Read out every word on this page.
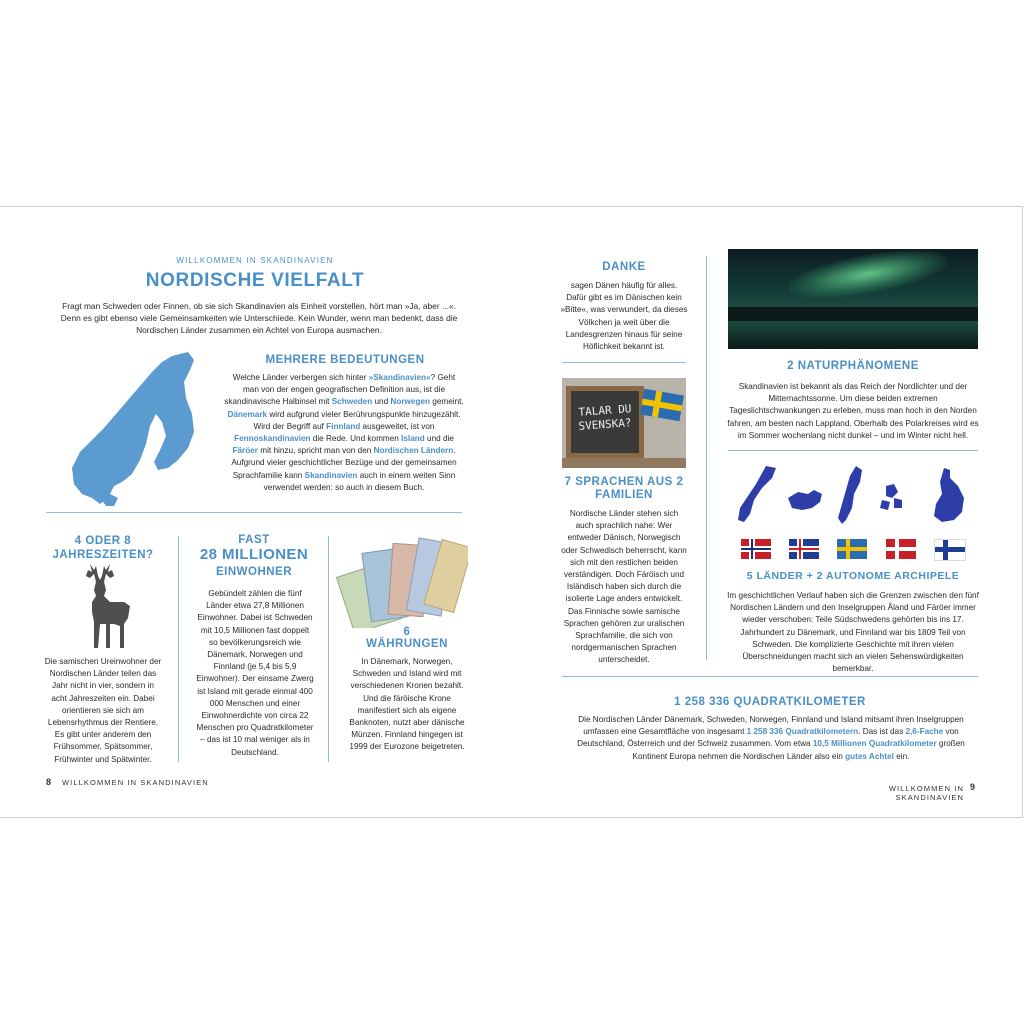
WILLKOMMEN IN SKANDINAVIEN
NORDISCHE VIELFALT
Fragt man Schweden oder Finnen, ob sie sich Skandinavien als Einheit vorstellen, hört man »Ja, aber ...«. Denn es gibt ebenso viele Gemeinsamkeiten wie Unterschiede. Kein Wunder, wenn man bedenkt, dass die Nordischen Länder zusammen ein Achtel von Europa ausmachen.
MEHRERE BEDEUTUNGEN
Welche Länder verbergen sich hinter »Skandinavien«? Geht man von der engen geografischen Definition aus, ist die skandinavische Halbinsel mit Schweden und Norwegen gemeint. Dänemark wird aufgrund vieler Berührungspunkte hinzugezählt. Wird der Begriff auf Finnland ausgeweitet, ist von Fennoskandinavien die Rede. Und kommen Island und die Färöer mit hinzu, spricht man von den Nordischen Ländern. Aufgrund vieler geschichtlicher Bezüge und der gemeinsamen Sprachfamilie kann Skandinavien auch in einem weiten Sinn verwendet werden: so auch in diesem Buch.
4 ODER 8 JAHRESZEITEN?
Die samischen Ureinwohner der Nordischen Länder teilen das Jahr nicht in vier, sondern in acht Jahreszeiten ein. Dabei orientieren sie sich am Lebensrhythmus der Rentiere. Es gibt unter anderem den Frühsommer, Spätsommer, Frühwinter und Spätwinter.
FAST
28 MILLIONEN
EINWOHNER
Gebündelt zählen die fünf Länder etwa 27,8 Millionen Einwohner. Dabei ist Schweden mit 10,5 Millionen fast doppelt so bevölkerungsreich wie Dänemark, Norwegen und Finnland (je 5,4 bis 5,9 Einwohner). Der einsame Zwerg ist Island mit gerade einmal 400 000 Menschen und einer Einwohnerdichte von circa 22 Menschen pro Quadratkilometer – das ist 10 mal weniger als in Deutschland.
6
WÄHRUNGEN
In Dänemark, Norwegen, Schweden und Island wird mit verschiedenen Kronen bezahlt. Und die färöische Krone manifestiert sich als eigene Banknoten, nutzt aber dänische Münzen. Finnland hingegen ist 1999 der Eurozone beigetreten.
8 WILLKOMMEN IN SKANDINAVIEN
DANKE
sagen Dänen häufig für alles. Dafür gibt es im Dänischen kein »Bitte«, was verwundert, da dieses Völkchen ja weit über die Landesgrenzen hinaus für seine Höflichkeit bekannt ist.
TALAR DU
SVENSKA?
7 SPRACHEN AUS 2 FAMILIEN
Nordische Länder stehen sich auch sprachlich nahe: Wer entweder Dänisch, Norwegisch oder Schwedisch beherrscht, kann sich mit den restlichen beiden verständigen. Doch Färöisch und Isländisch haben sich durch die isolierte Lage anders entwickelt. Das Finnische sowie samische Sprachen gehören zur uralischen Sprachfamilie, die sich von nordgermanischen Sprachen unterscheidet.
2 NATURPHÄNOMENE
Skandinavien ist bekannt als das Reich der Nordlichter und der Mitternachtssonne. Um diese beiden extremen Tageslichtschwankungen zu erleben, muss man hoch in den Norden fahren, am besten nach Lappland. Oberhalb des Polarkreises wird es im Sommer wochenlang nicht dunkel – und im Winter nicht hell.
5 LÄNDER + 2 AUTONOME ARCHIPELE
Im geschichtlichen Verlauf haben sich die Grenzen zwischen den fünf Nordischen Ländern und den Inselgruppen Åland und Färöer immer wieder verschoben: Teile Südschwedens gehörten bis ins 17. Jahrhundert zu Dänemark, und Finnland war bis 1809 Teil von Schweden. Die komplizierte Geschichte mit ihren vielen Überschneidungen macht sich an vielen Sehenswürdigkeiten bemerkbar.
1 258 336 QUADRATKILOMETER
Die Nordischen Länder Dänemark, Schweden, Norwegen, Finnland und Island mitsamt ihren Inselgruppen umfassen eine Gesamtfläche von insgesamt 1 258 336 Quadratkilometern. Das ist das 2,6-Fache von Deutschland, Österreich und der Schweiz zusammen. Vom etwa 10,5 Millionen Quadratkilometer großen Kontinent Europa nehmen die Nordischen Länder also ein gutes Achtel ein.
WILLKOMMEN IN SKANDINAVIEN
9
